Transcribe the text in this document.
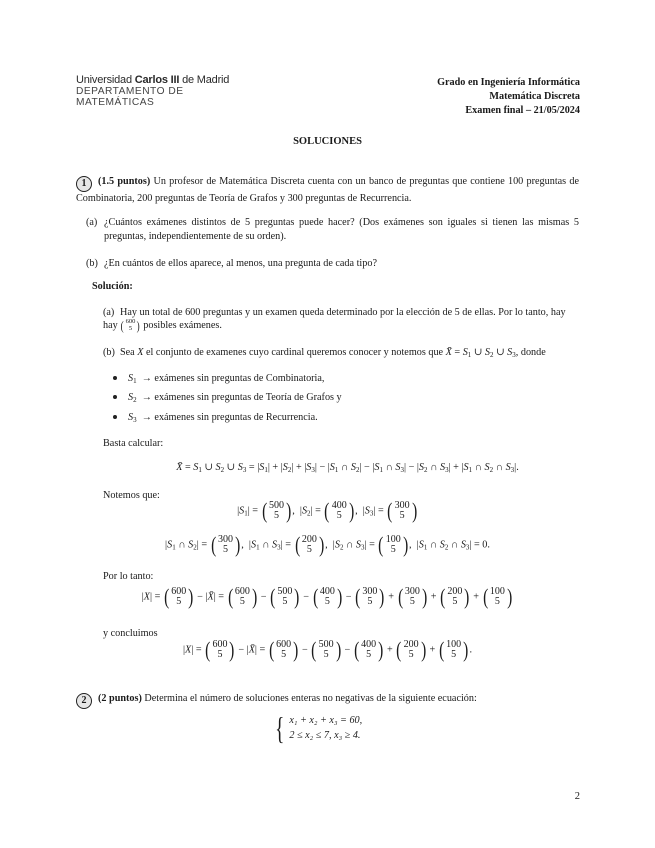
Universidad Carlos III de Madrid
DEPARTAMENTO DE
MATEMÁTICAS
Grado en Ingeniería Informática
Matemática Discreta
Examen final – 21/05/2024
SOLUCIONES
1 (1.5 puntos) Un profesor de Matemática Discreta cuenta con un banco de preguntas que contiene 100 preguntas de Combinatoria, 200 preguntas de Teoría de Grafos y 300 preguntas de Recurrencia.
(a) ¿Cuántos exámenes distintos de 5 preguntas puede hacer? (Dos exámenes son iguales si tienen las mismas 5 preguntas, independientemente de su orden).
(b) ¿En cuántos de ellos aparece, al menos, una pregunta de cada tipo?
Solución:
(a) Hay un total de 600 preguntas y un examen queda determinado por la elección de 5 de ellas. Por lo tanto, hay
hay ( 600
5 ) posibles exámenes.
(b) Sea X el conjunto de examenes cuyo cardinal queremos conocer y notemos que X̄ = $S_1$ ∪ $S_2$ ∪ $S_3$, donde
$S_1$ → exámenes sin preguntas de Combinatoria,
$S_2$ → exámenes sin preguntas de Teoría de Grafos y
$S_3$ → exámenes sin preguntas de Recurrencia.
Basta calcular:
X̄ = $S_1$ ∪ $S_2$ ∪ $S_3 = |S_1| + |S_2| + |S_3| - |S_1$ ∩ $S_2| - |S_1$ ∩ $S_3| - |S_2$ ∩ $S_3| + |S_1$ ∩ $S_2$ ∩ $S_3|$.
Notemos que:
$|S_1|$ = ( 500
5 ) ,  $|S_2|$ = ( 400
5 ) ,  $|S_3|$ = ( 300
5 )
$|S_1$ ∩ $S_2|$ = ( 300
5 ) ,  $|S_1$ ∩ $S_3|$ = ( 200
5 ) ,  $|S_2$ ∩ $S_3|$ = ( 100
5 ) ,  $|S_1$ ∩ $S_2$ ∩ $S_3| = 0$.
Por lo tanto:
|X| = ( 600
5 ) − |X̄| = ( 600
5 ) − ( 500
5 ) − ( 400
5 ) − ( 300
5 ) + ( 300
5 ) + ( 200
5 ) + ( 100
5 )
y concluimos
|X| = ( 600
5 ) − |X̄| = ( 600
5 ) − ( 500
5 ) − ( 400
5 ) + ( 200
5 ) + ( 100
5 ) .
2 (2 puntos) Determina el número de soluciones enteras no negativas de la siguiente ecuación:
{ x₁ + x₂ + x₃ = 60,
2 ≤ x₂ ≤ 7, x₃ ≥ 4.
2
